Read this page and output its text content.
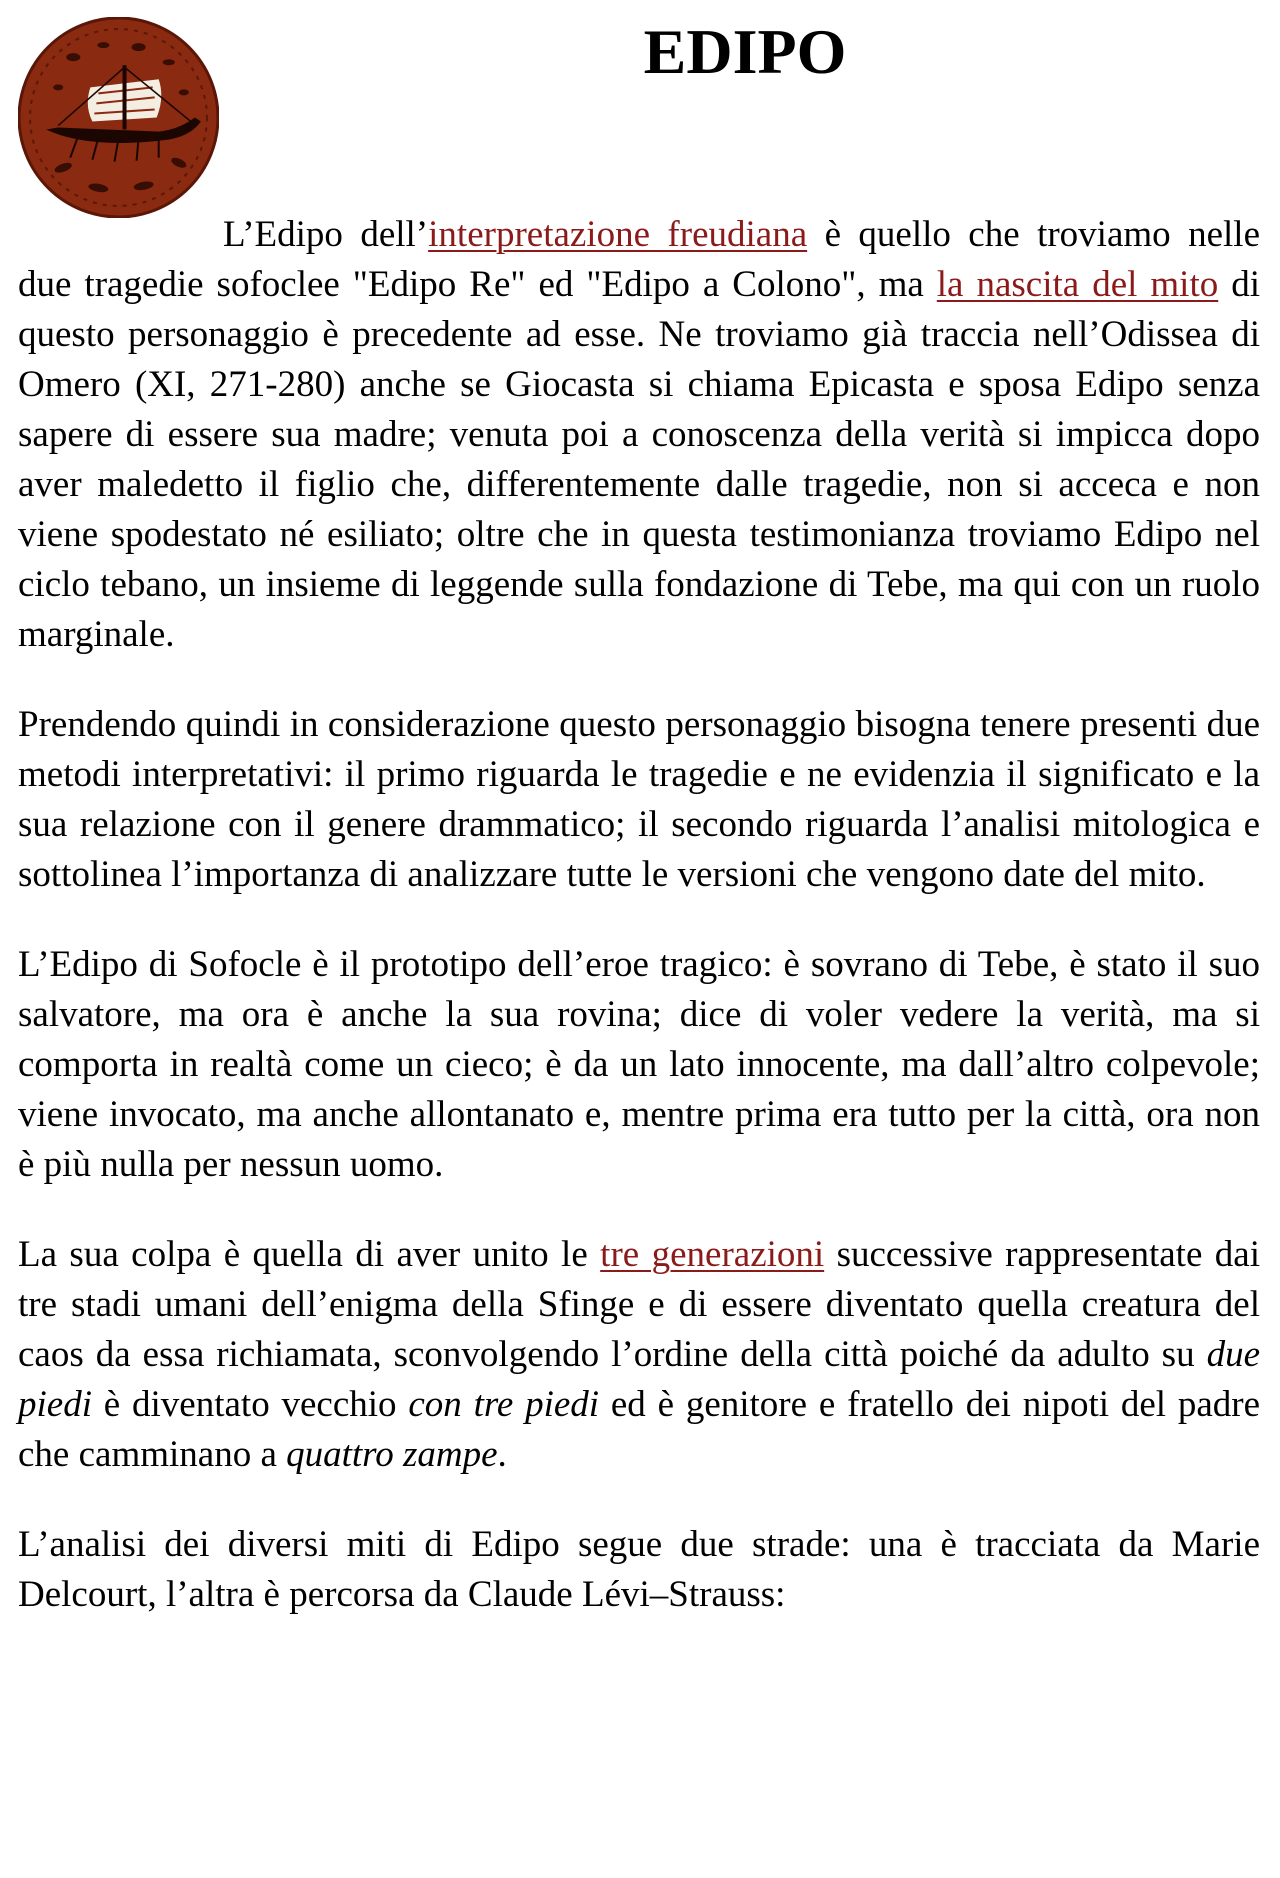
EDIPO

L’Edipo dell’interpretazione freudiana è quello che troviamo nelle due tragedie sofoclee "Edipo Re" ed "Edipo a Colono", ma la nascita del mito di questo personaggio è precedente ad esse. Ne troviamo già traccia nell’Odissea di Omero (XI, 271-280) anche se Giocasta si chiama Epicasta e sposa Edipo senza sapere di essere sua madre; venuta poi a conoscenza della verità si impicca dopo aver maledetto il figlio che, differentemente dalle tragedie, non si acceca e non viene spodestato né esiliato; oltre che in questa testimonianza troviamo Edipo nel ciclo tebano, un insieme di leggende sulla fondazione di Tebe, ma qui con un ruolo marginale.

Prendendo quindi in considerazione questo personaggio bisogna tenere presenti due metodi interpretativi: il primo riguarda le tragedie e ne evidenzia il significato e la sua relazione con il genere drammatico; il secondo riguarda l’analisi mitologica e sottolinea l’importanza di analizzare tutte le versioni che vengono date del mito.

L’Edipo di Sofocle è il prototipo dell’eroe tragico: è sovrano di Tebe, è stato il suo salvatore, ma ora è anche la sua rovina; dice di voler vedere la verità, ma si comporta in realtà come un cieco; è da un lato innocente, ma dall’altro colpevole; viene invocato, ma anche allontanato e, mentre prima era tutto per la città, ora non è più nulla per nessun uomo.

La sua colpa è quella di aver unito le tre generazioni successive rappresentate dai tre stadi umani dell’enigma della Sfinge e di essere diventato quella creatura del caos da essa richiamata, sconvolgendo l’ordine della città poiché da adulto su due piedi è diventato vecchio con tre piedi ed è genitore e fratello dei nipoti del padre che camminano a quattro zampe.

L’analisi dei diversi miti di Edipo segue due strade: una è tracciata da Marie Delcourt, l’altra è percorsa da Claude Lévi–Strauss:
